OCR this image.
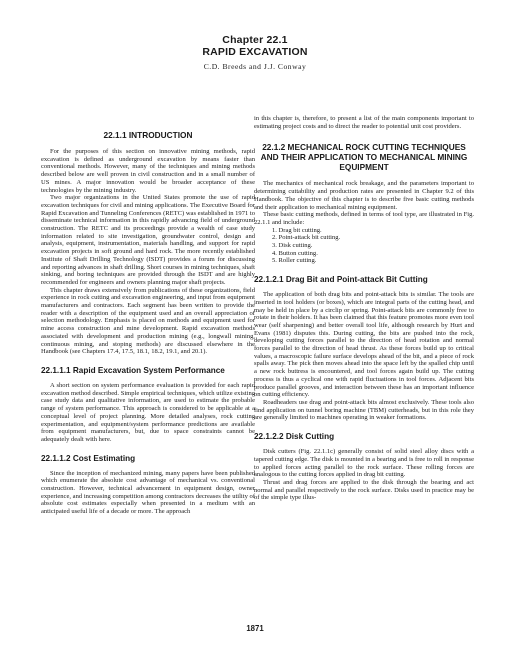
Chapter 22.1
RAPID EXCAVATION
C.D. Breeds and J.J. Conway
22.1.1 INTRODUCTION

For the purposes of this section on innovative mining methods, rapid excavation is defined as underground excavation by means faster than conventional methods. However, many of the techniques and mining methods described below are well proven in civil construction and in a small number of US mines. A major innovation would be broader acceptance of these technologies by the mining industry.

Two major organizations in the United States promote the use of rapid excavation techniques for civil and mining applications. The Executive Board for Rapid Excavation and Tunneling Conferences (RETC) was established in 1971 to disseminate technical information in this rapidly advancing field of underground construction. The RETC and its proceedings provide a wealth of case study information related to site investigation, groundwater control, design and analysis, equipment, instrumentation, materials handling, and support for rapid excavation projects in soft ground and hard rock. The more recently established Institute of Shaft Drilling Technology (ISDT) provides a forum for discussing and reporting advances in shaft drilling. Short courses in mining techniques, shaft sinking, and boring techniques are provided through the ISDT and are highly recommended for engineers and owners planning major shaft projects.

This chapter draws extensively from publications of these organizations, field experience in rock cutting and excavation engineering, and input from equipment manufacturers and contractors. Each segment has been written to provide the reader with a description of the equipment used and an overall appreciation of selection methodology. Emphasis is placed on methods and equipment used for mine access construction and mine development. Rapid excavation methods associated with development and production mining (e.g., longwall mining, continuous mining, and stoping methods) are discussed elsewhere in the Handbook (see Chapters 17.4, 17.5, 18.1, 18.2, 19.1, and 20.1).

22.1.1.1 Rapid Excavation System Performance

A short section on system performance evaluation is provided for each rapid excavation method described. Simple empirical techniques, which utilize existing case study data and qualitative information, are used to estimate the probable range of system performance. This approach is considered to be applicable at a conceptual level of project planning. More detailed analyses, rock cutting experimentation, and equipment/system performance predictions are available from equipment manufacturers, but, due to space constraints cannot be adequately dealt with here.

22.1.1.2 Cost Estimating

Since the inception of mechanized mining, many papers have been published which enumerate the absolute cost advantage of mechanical vs. conventional construction. However, technical advancement in equipment design, owner experience, and increasing competition among contractors decreases the utility of absolute cost estimates especially when presented in a medium with an anticipated useful life of a decade or more. The approach

in this chapter is, therefore, to present a list of the main components important to estimating project costs and to direct the reader to potential unit cost providers.

22.1.2 MECHANICAL ROCK CUTTING TECHNIQUES AND THEIR APPLICATION TO MECHANICAL MINING EQUIPMENT

The mechanics of mechanical rock breakage, and the parameters important to determining cuttability and production rates are presented in Chapter 9.2 of this Handbook. The objective of this chapter is to describe five basic cutting methods and their application to mechanical mining equipment.

These basic cutting methods, defined in terms of tool type, are illustrated in Fig. 22.1.1 and include:

1. Drag bit cutting.
2. Point-attack bit cutting.
3. Disk cutting.
4. Button cutting.
5. Roller cutting.
22.1.2.1 Drag Bit and Point-attack Bit Cutting

The application of both drag bits and point-attack bits is similar. The tools are inserted in tool holders (or boxes), which are integral parts of the cutting head, and may be held in place by a circlip or spring. Point-attack bits are commonly free to rotate in their holders. It has been claimed that this feature promotes more even tool wear (self sharpening) and better overall tool life, although research by Hurt and Evans (1981) disputes this. During cutting, the bits are pushed into the rock, developing cutting forces parallel to the direction of head rotation and normal forces parallel to the direction of head thrust. As these forces build up to critical values, a macroscopic failure surface develops ahead of the bit, and a piece of rock spalls away. The pick then moves ahead into the space left by the spalled chip until a new rock buttress is encountered, and tool forces again build up. The cutting process is thus a cyclical one with rapid fluctuations in tool forces. Adjacent bits produce parallel grooves, and interaction between these has an important influence on cutting efficiency.

Roadheaders use drag and point-attack bits almost exclusively. These tools also find application on tunnel boring machine (TBM) cutterheads, but in this role they are generally limited to machines operating in weaker formations.

22.1.2.2 Disk Cutting

Disk cutters (Fig. 22.1.1c) generally consist of solid steel alloy discs with a tapered cutting edge. The disk is mounted in a bearing and is free to roll in response to applied forces acting parallel to the rock surface. These rolling forces are analogous to the cutting forces applied in drag bit cutting.

Thrust and drag forces are applied to the disk through the bearing and act normal and parallel respectively to the rock surface. Disks used in practice may be of the simple type illus-

1871
